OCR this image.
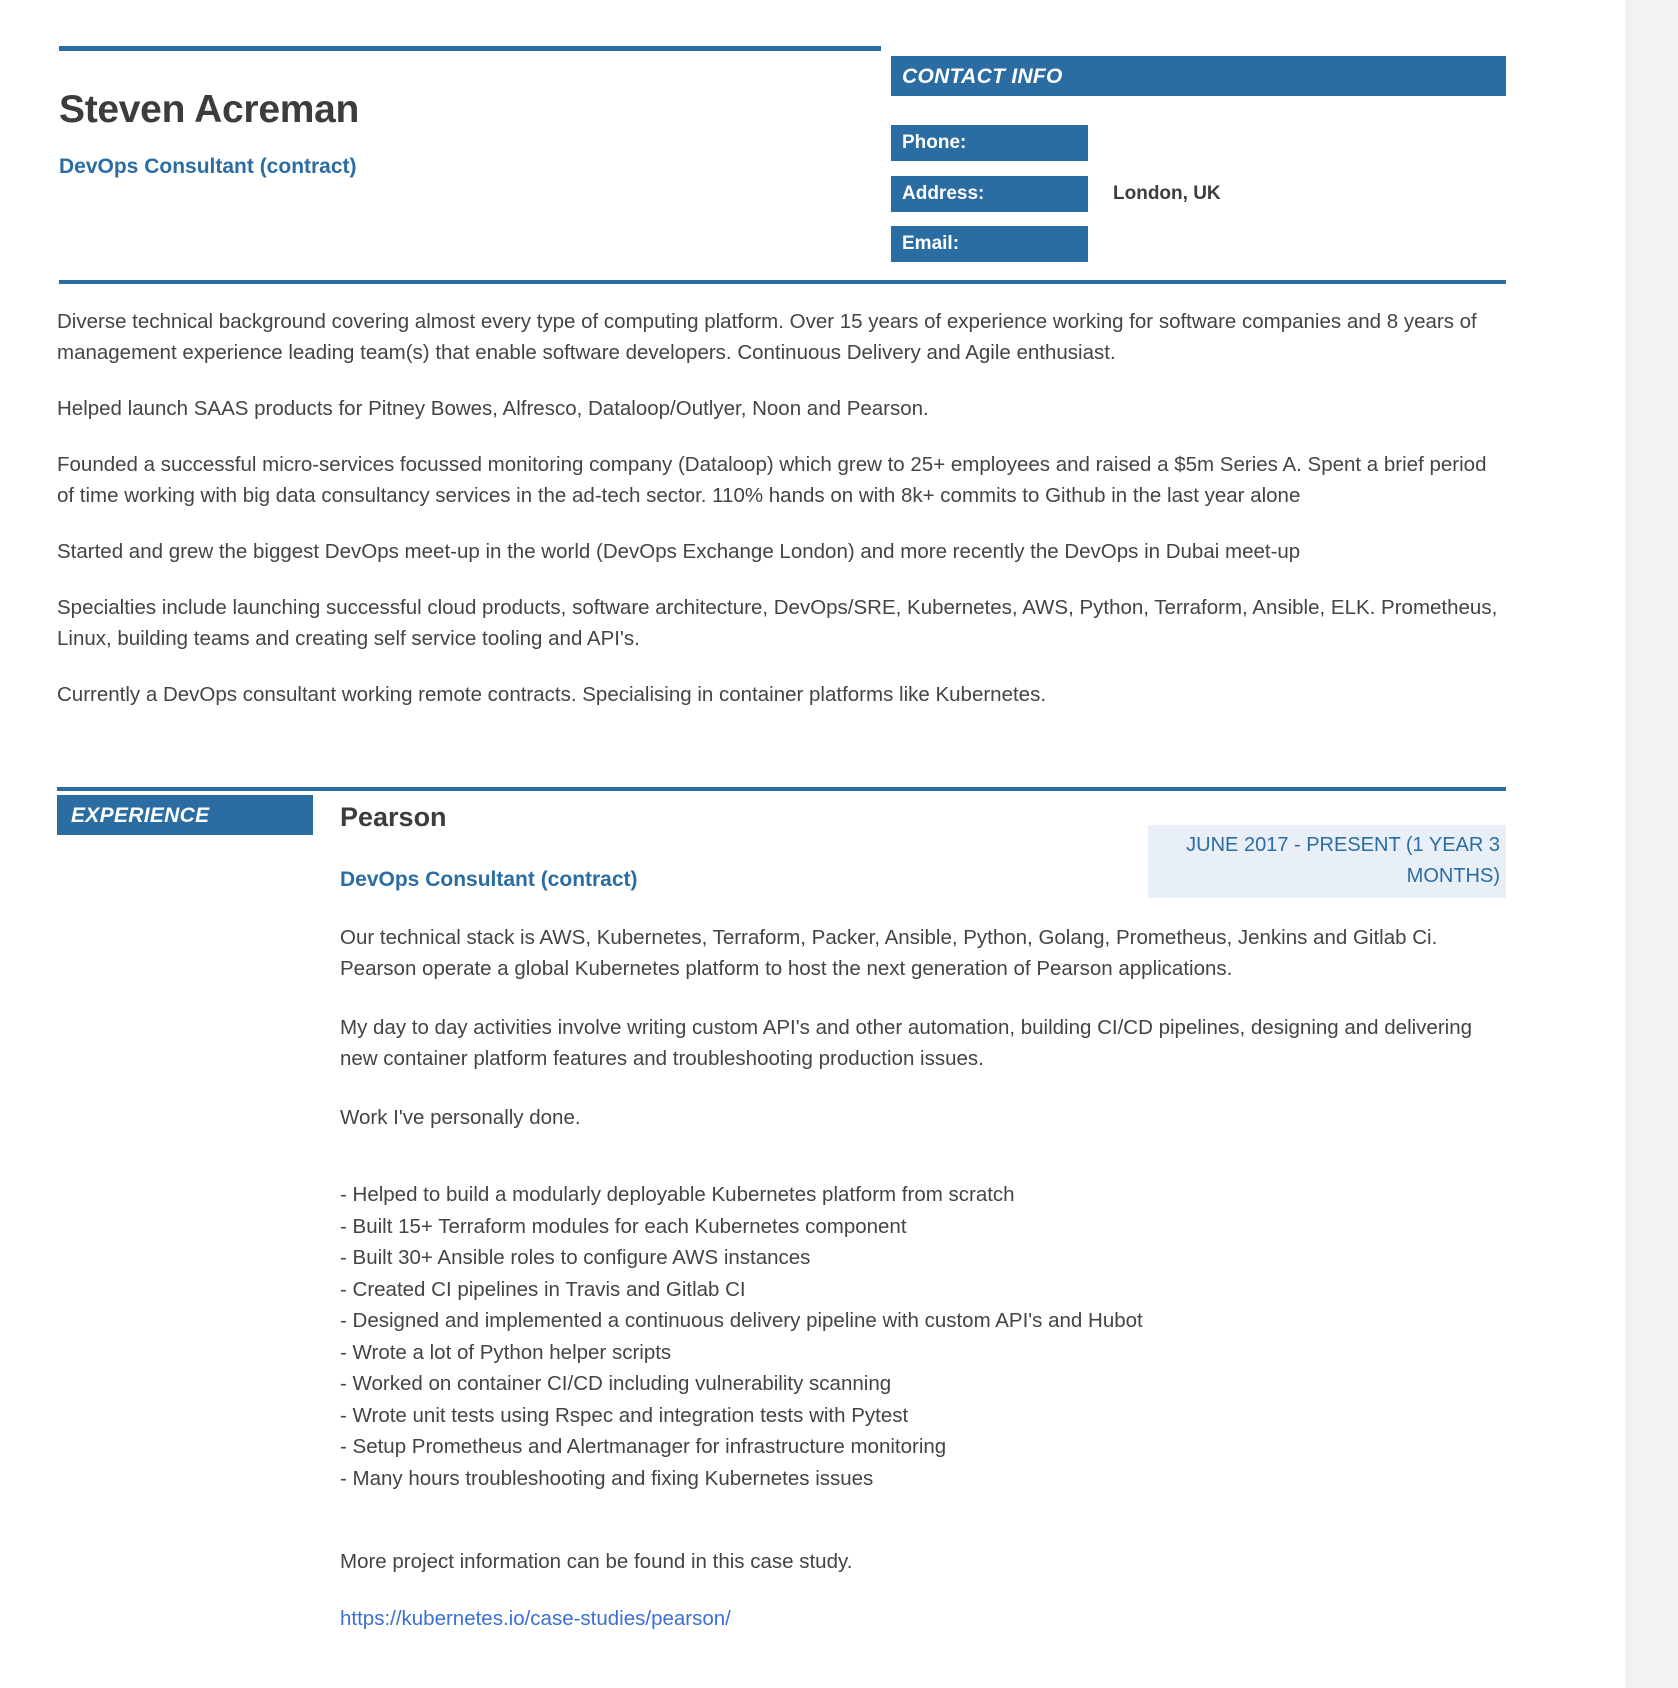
Steven Acreman
DevOps Consultant (contract)
CONTACT INFO
Phone:
Address:	London, UK
Email:

Diverse technical background covering almost every type of computing platform. Over 15 years of experience working for software companies and 8 years of management experience leading team(s) that enable software developers. Continuous Delivery and Agile enthusiast.

Helped launch SAAS products for Pitney Bowes, Alfresco, Dataloop/Outlyer, Noon and Pearson.

Founded a successful micro-services focussed monitoring company (Dataloop) which grew to 25+ employees and raised a $5m Series A. Spent a brief period of time working with big data consultancy services in the ad-tech sector. 110% hands on with 8k+ commits to Github in the last year alone

Started and grew the biggest DevOps meet-up in the world (DevOps Exchange London) and more recently the DevOps in Dubai meet-up

Specialties include launching successful cloud products, software architecture, DevOps/SRE, Kubernetes, AWS, Python, Terraform, Ansible, ELK. Prometheus, Linux, building teams and creating self service tooling and API's.

Currently a DevOps consultant working remote contracts. Specialising in container platforms like Kubernetes.

EXPERIENCE
JUNE 2017 - PRESENT (1 YEAR 3 MONTHS)

Pearson

DevOps Consultant (contract)

Our technical stack is AWS, Kubernetes, Terraform, Packer, Ansible, Python, Golang, Prometheus, Jenkins and Gitlab Ci. Pearson operate a global Kubernetes platform to host the next generation of Pearson applications.

My day to day activities involve writing custom API's and other automation, building CI/CD pipelines, designing and delivering new container platform features and troubleshooting production issues.

Work I've personally done.

- Helped to build a modularly deployable Kubernetes platform from scratch
- Built 15+ Terraform modules for each Kubernetes component
- Built 30+ Ansible roles to configure AWS instances
- Created CI pipelines in Travis and Gitlab CI
- Designed and implemented a continuous delivery pipeline with custom API's and Hubot
- Wrote a lot of Python helper scripts
- Worked on container CI/CD including vulnerability scanning
- Wrote unit tests using Rspec and integration tests with Pytest
- Setup Prometheus and Alertmanager for infrastructure monitoring
- Many hours troubleshooting and fixing Kubernetes issues

More project information can be found in this case study.

https://kubernetes.io/case-studies/pearson/
